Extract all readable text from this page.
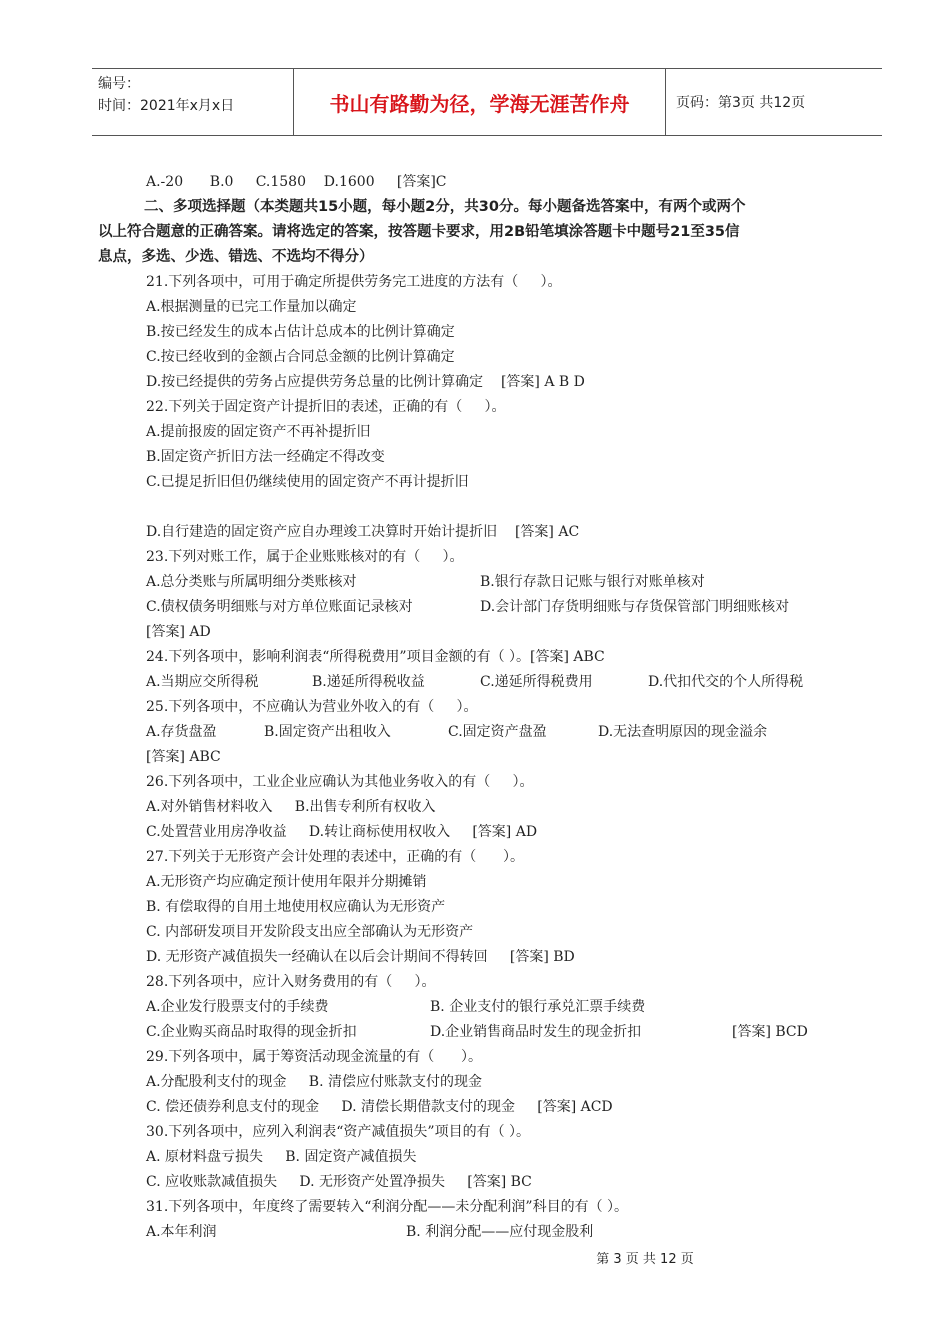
编号：
时间：2021年x月x日	书山有路勤为径，学海无涯苦作舟	页码：第3页 共12页
A.-20      B.0     C.1580    D.1600     [答案]C
二、多项选择题（本类题共15小题，每小题2分，共30分。每小题备选答案中，有两个或两个
以上符合题意的正确答案。请将选定的答案，按答题卡要求，用2B铅笔填涂答题卡中题号21至35信
息点，多选、少选、错选、不选均不得分）
21.下列各项中，可用于确定所提供劳务完工进度的方法有（     ）。
A.根据测量的已完工作量加以确定
B.按已经发生的成本占估计总成本的比例计算确定
C.按已经收到的金额占合同总金额的比例计算确定
D.按已经提供的劳务占应提供劳务总量的比例计算确定    [答案] A B D
22.下列关于固定资产计提折旧的表述，正确的有（     ）。
A.提前报废的固定资产不再补提折旧
B.固定资产折旧方法一经确定不得改变
C.已提足折旧但仍继续使用的固定资产不再计提折旧
D.自行建造的固定资产应自办理竣工决算时开始计提折旧    [答案] AC
23.下列对账工作，属于企业账账核对的有（     ）。
A.总分类账与所属明细分类账核对	B.银行存款日记账与银行对账单核对
C.债权债务明细账与对方单位账面记录核对	D.会计部门存货明细账与存货保管部门明细账核对
[答案] AD
24.下列各项中，影响利润表“所得税费用”项目金额的有（ ）。[答案] ABC
A.当期应交所得税	B.递延所得税收益	C.递延所得税费用	D.代扣代交的个人所得税
25.下列各项中，不应确认为营业外收入的有（     ）。
A.存货盘盈	B.固定资产出租收入	C.固定资产盘盈	D.无法查明原因的现金溢余
[答案] ABC
26.下列各项中，工业企业应确认为其他业务收入的有（     ）。
A.对外销售材料收入     B.出售专利所有权收入
C.处置营业用房净收益     D.转让商标使用权收入     [答案] AD
27.下列关于无形资产会计处理的表述中，正确的有（      ）。
A.无形资产均应确定预计使用年限并分期摊销
B. 有偿取得的自用土地使用权应确认为无形资产
C. 内部研发项目开发阶段支出应全部确认为无形资产
D. 无形资产减值损失一经确认在以后会计期间不得转回     [答案] BD
28.下列各项中，应计入财务费用的有（     ）。
A.企业发行股票支付的手续费	B. 企业支付的银行承兑汇票手续费
C.企业购买商品时取得的现金折扣	D.企业销售商品时发生的现金折扣	[答案] BCD
29.下列各项中，属于筹资活动现金流量的有（      ）。
A.分配股利支付的现金     B. 清偿应付账款支付的现金
C. 偿还债券利息支付的现金     D. 清偿长期借款支付的现金     [答案] ACD
30.下列各项中，应列入利润表“资产减值损失”项目的有（ ）。
A. 原材料盘亏损失     B. 固定资产减值损失
C. 应收账款减值损失     D. 无形资产处置净损失     [答案] BC
31.下列各项中，年度终了需要转入“利润分配——未分配利润”科目的有（ ）。
A.本年利润	B. 利润分配——应付现金股利
第 3 页 共 12 页
